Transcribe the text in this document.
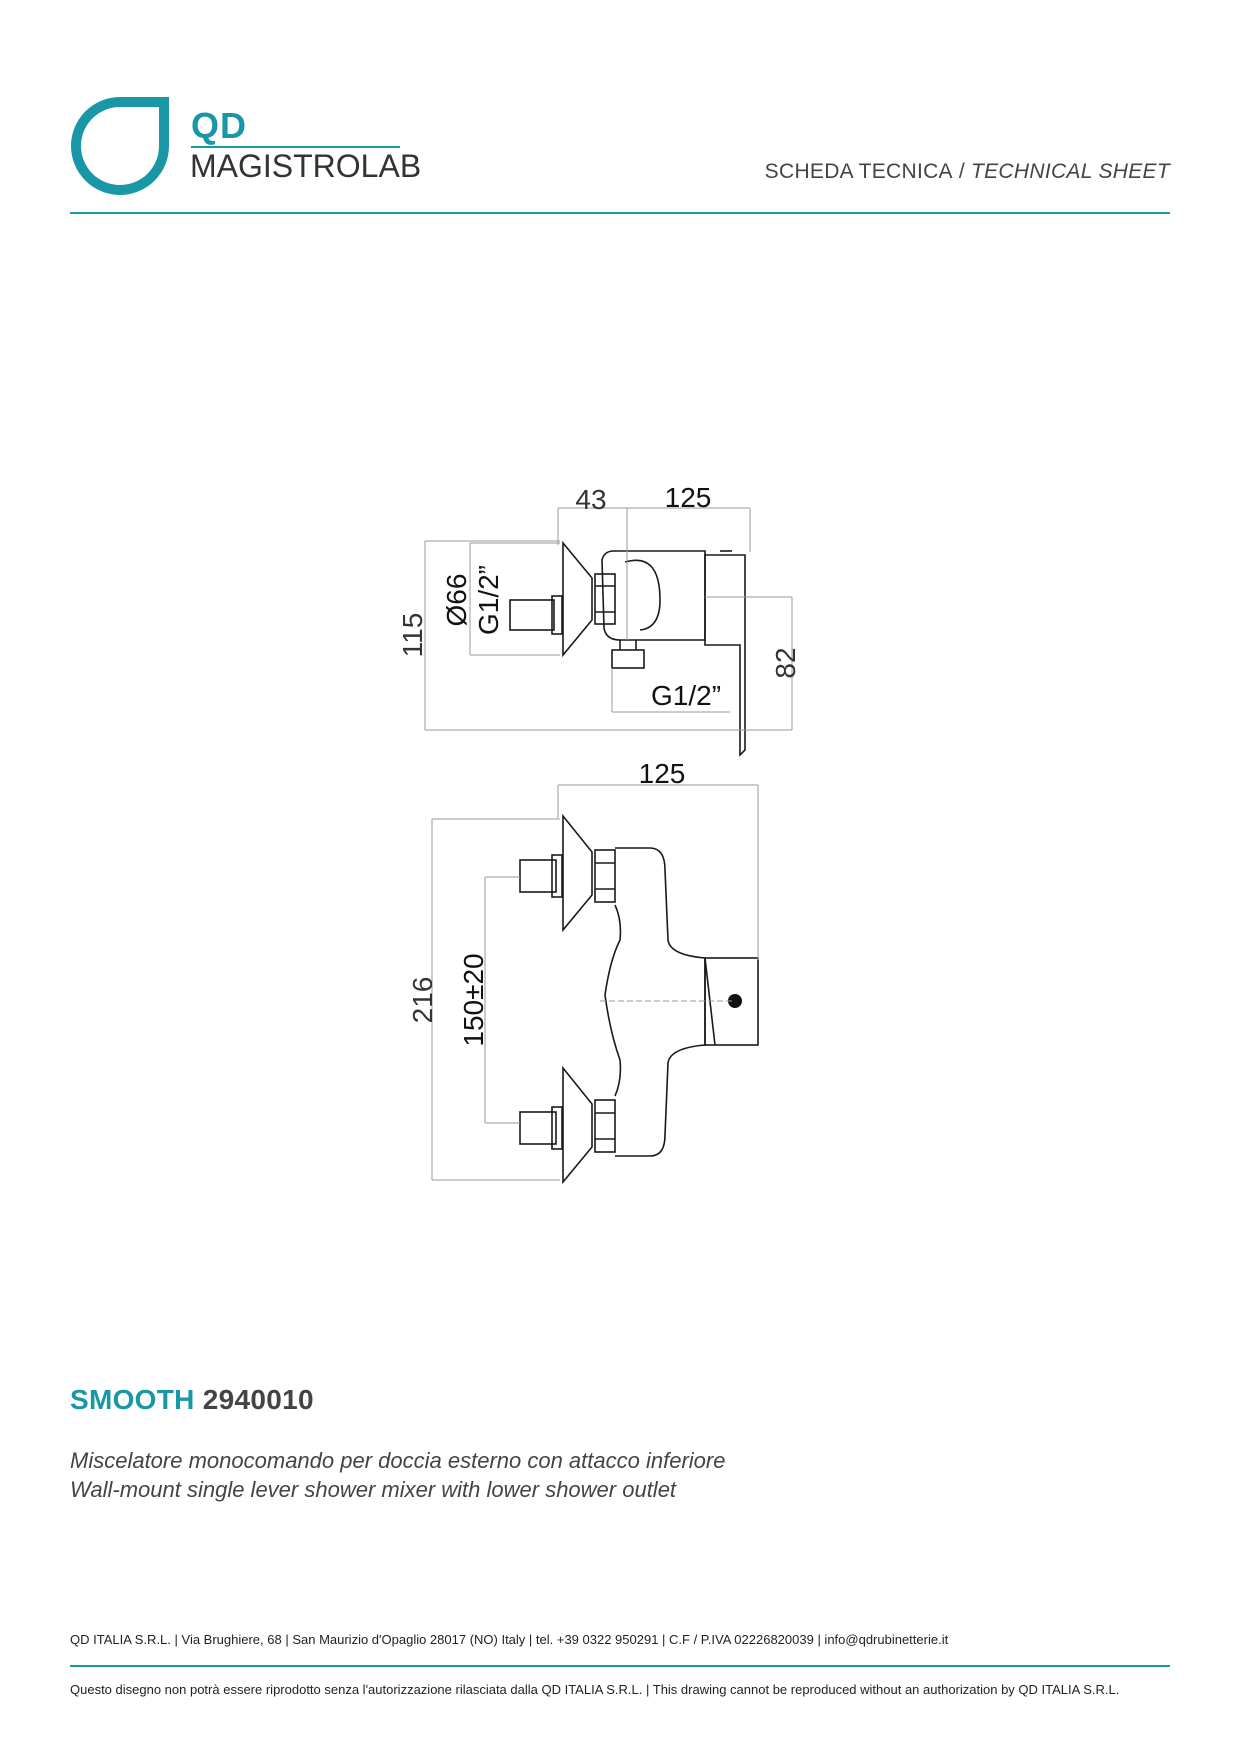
QD
MAGISTRΟLAB	SCHEDA TECNICA / TECHNICAL SHEET
43 125
115
Ø66 G1/2”
G1/2”
82
125
216 150±20
SMOOTH 2940010
Miscelatore monocomando per doccia esterno con attacco inferiore
Wall-mount single lever shower mixer with lower shower outlet
QD ITALIA S.R.L. | Via Brughiere, 68 | San Maurizio d'Opaglio 28017 (NO) Italy | tel. +39 0322 950291 | C.F / P.IVA 02226820039 | info@qdrubinetterie.it
Questo disegno non potrà essere riprodotto senza l'autorizzazione rilasciata dalla QD ITALIA S.R.L. | This drawing cannot be reproduced without an authorization by QD ITALIA S.R.L.
